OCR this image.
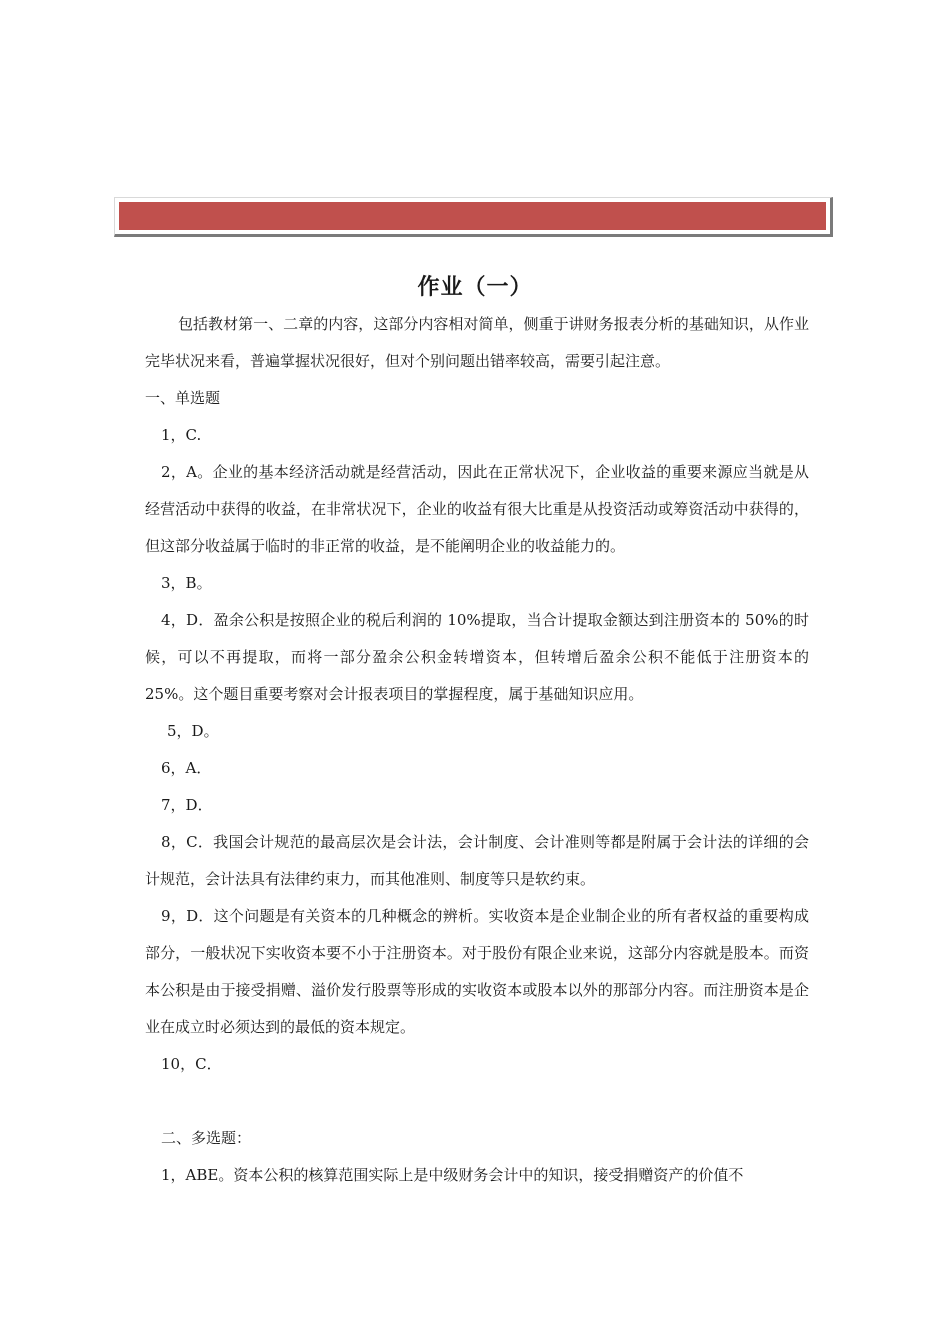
作业（一）

包括教材第一、二章的内容，这部分内容相对简单，侧重于讲财务报表分析的基础知识，从作业完毕状况来看，普遍掌握状况很好，但对个别问题出错率较高，需要引起注意。

一、单选题

1，C.

2，A。企业的基本经济活动就是经营活动，因此在正常状况下，企业收益的重要来源应当就是从经营活动中获得的收益，在非常状况下，企业的收益有很大比重是从投资活动或筹资活动中获得的，但这部分收益属于临时的非正常的收益，是不能阐明企业的收益能力的。

3，B。

4，D．盈余公积是按照企业的税后利润的 10%提取，当合计提取金额达到注册资本的 50%的时候，可以不再提取，而将一部分盈余公积金转增资本，但转增后盈余公积不能低于注册资本的 25%。这个题目重要考察对会计报表项目的掌握程度，属于基础知识应用。

5，D。

6，A．

7，D．

8，C．我国会计规范的最高层次是会计法，会计制度、会计准则等都是附属于会计法的详细的会计规范，会计法具有法律约束力，而其他准则、制度等只是软约束。

9，D．这个问题是有关资本的几种概念的辨析。实收资本是企业制企业的所有者权益的重要构成部分，一般状况下实收资本要不小于注册资本。对于股份有限企业来说，这部分内容就是股本。而资本公积是由于接受捐赠、溢价发行股票等形成的实收资本或股本以外的那部分内容。而注册资本是企业在成立时必须达到的最低的资本规定。

10，C．

二、多选题：

1，ABE。资本公积的核算范围实际上是中级财务会计中的知识，接受捐赠资产的价值不
